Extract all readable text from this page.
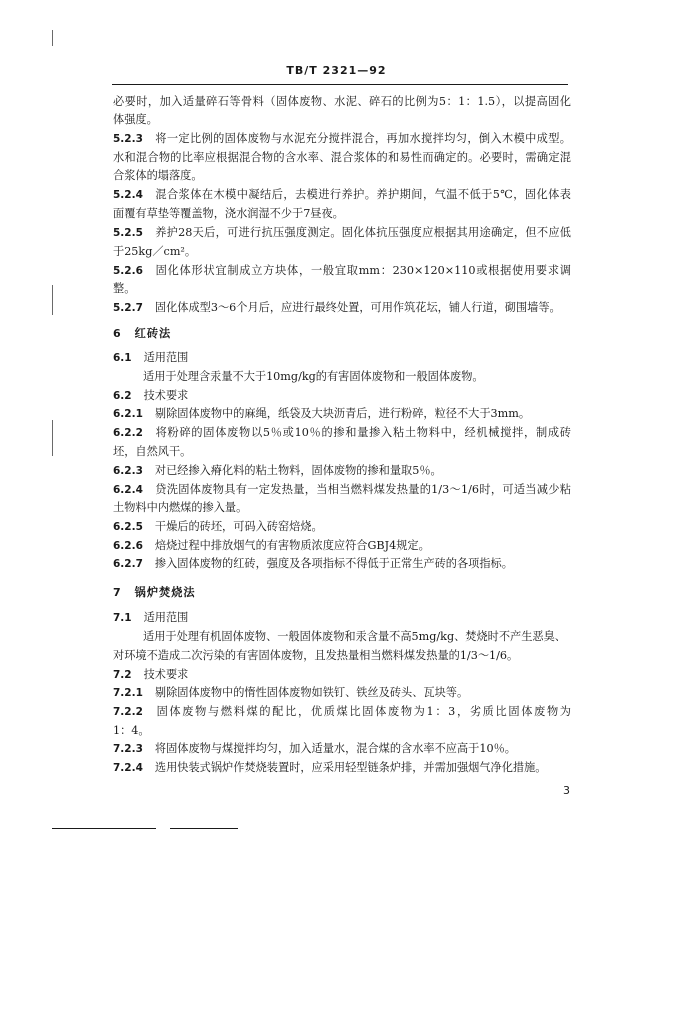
TB/T 2321—92
必要时，加入适量碎石等骨料（固体废物、水泥、碎石的比例为5：1：1.5），以提高固化
体强度。
5.2.3 将一定比例的固体废物与水泥充分搅拌混合，再加水搅拌均匀，倒入木模中成型。
水和混合物的比率应根据混合物的含水率、混合浆体的和易性而确定的。必要时，需确定混
合浆体的塌落度。
5.2.4 混合浆体在木模中凝结后，去模进行养护。养护期间，气温不低于5℃，固化体表
面覆有草垫等覆盖物，浇水润湿不少于7昼夜。
5.2.5 养护28天后，可进行抗压强度测定。固化体抗压强度应根据其用途确定，但不应低
于25kg／cm²。
5.2.6 固化体形状宜制成立方块体，一般宜取mm：230×120×110或根据使用要求调
整。
5.2.7 固化体成型3～6个月后，应进行最终处置，可用作筑花坛，铺人行道，砌围墙等。
6 红砖法
6.1 适用范围
适用于处理含汞量不大于10mg/kg的有害固体废物和一般固体废物。
6.2 技术要求
6.2.1 剔除固体废物中的麻绳，纸袋及大块沥青后，进行粉碎，粒径不大于3mm。
6.2.2 将粉碎的固体废物以5％或10％的掺和量掺入粘土物料中，经机械搅拌，制成砖
坯，自然风干。
6.2.3 对已经掺入瘠化料的粘土物料，固体废物的掺和量取5％。
6.2.4 贷洗固体废物具有一定发热量，当相当燃料煤发热量的1/3～1/6时，可适当减少粘
土物料中内燃煤的掺入量。
6.2.5 干燥后的砖坯，可码入砖窑焙烧。
6.2.6 焙烧过程中排放烟气的有害物质浓度应符合GBJ4规定。
6.2.7 掺入固体废物的红砖，强度及各项指标不得低于正常生产砖的各项指标。
7 锅炉焚烧法
7.1 适用范围
适用于处理有机固体废物、一般固体废物和汞含量不高5mg/kg、焚烧时不产生恶臭、
对环境不造成二次污染的有害固体废物，且发热量相当燃料煤发热量的1/3～1/6。
7.2 技术要求
7.2.1 剔除固体废物中的惰性固体废物如铁钉、铁丝及砖头、瓦块等。
7.2.2 固体废物与燃料煤的配比，优质煤比固体废物为1：3，劣质比固体废物为
1：4。
7.2.3 将固体废物与煤搅拌均匀，加入适量水，混合煤的含水率不应高于10％。
7.2.4 选用快装式锅炉作焚烧装置时，应采用轻型链条炉排，并需加强烟气净化措施。
3
